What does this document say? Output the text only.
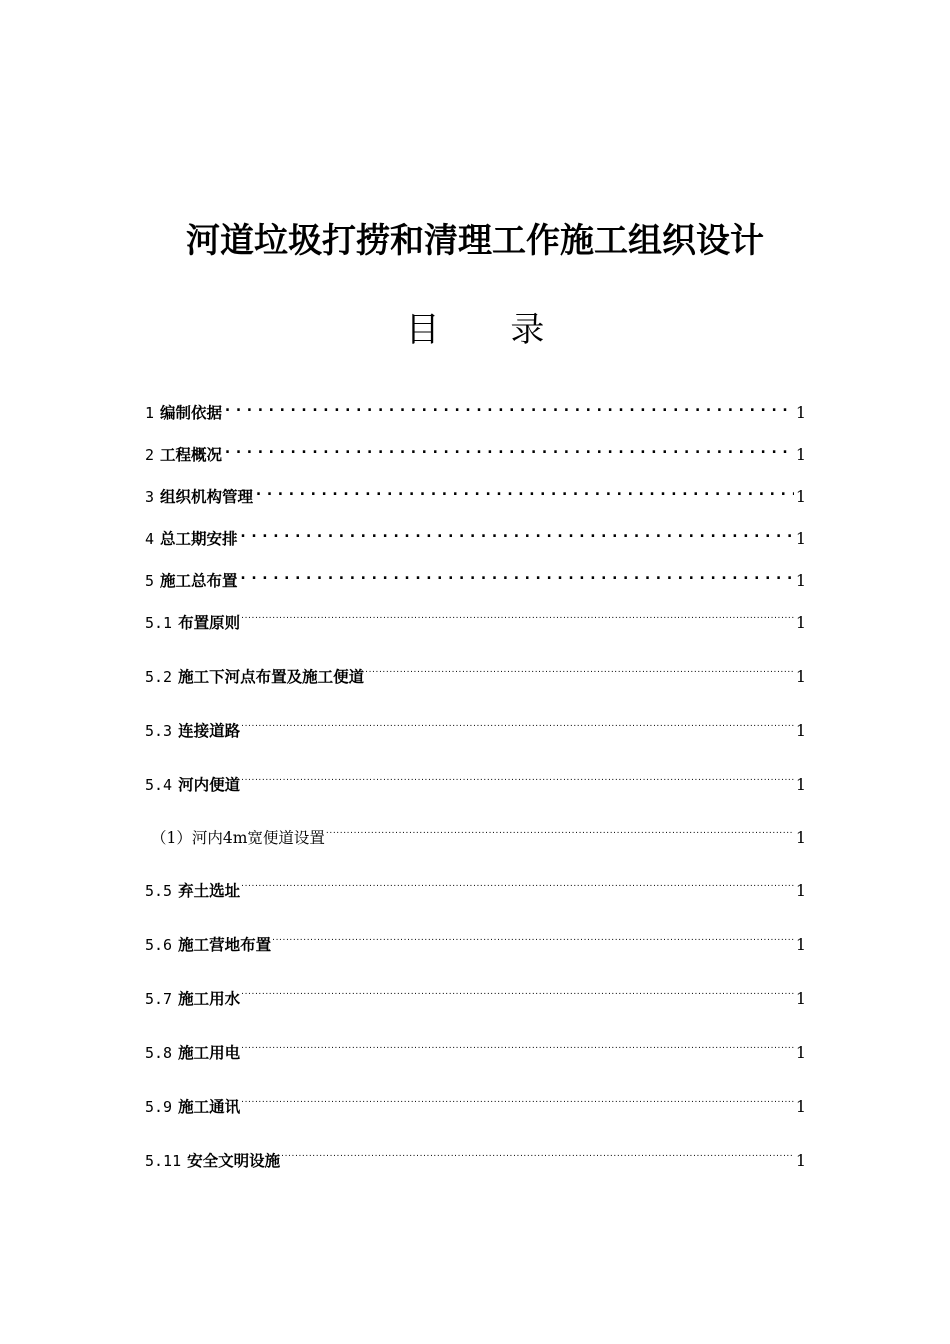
河道垃圾打捞和清理工作施工组织设计
目 录
1 编制依据 .....	1
2 工程概况 .....	1
3 组织机构管理 .....	1
4 总工期安排 .....	1
5 施工总布置 .....	1
5.1 布置原则 .....	1
5.2 施工下河点布置及施工便道 .....	1
5.3 连接道路 .....	1
5.4 河内便道 .....	1
（1）河内4m宽便道设置 .....	1
5.5 弃土选址 .....	1
5.6 施工营地布置 .....	1
5.7 施工用水 .....	1
5.8 施工用电 .....	1
5.9 施工通讯 .....	1
5.11 安全文明设施 .....	1
